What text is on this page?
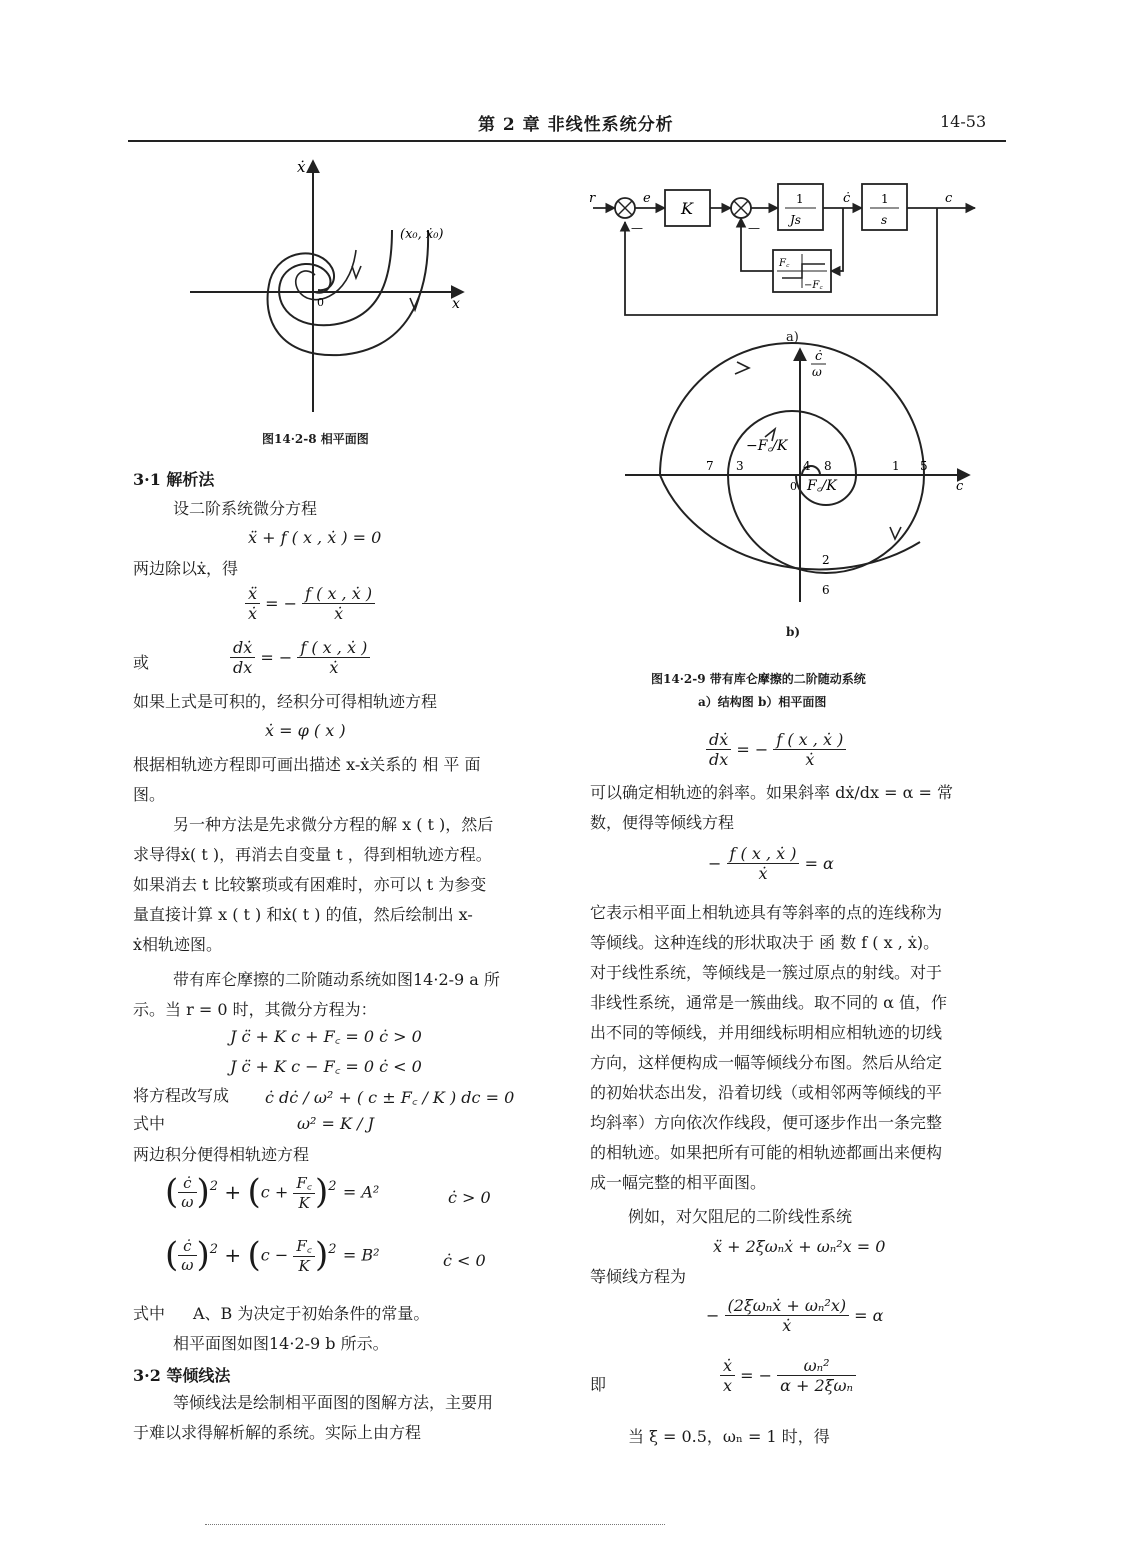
第 2 章 非线性系统分析	14-53
ẋ
x
0
(x₀, ẋ₀)
图14·2-8 相平面图
3·1 解析法
设二阶系统微分方程
ẍ + f ( x , ẋ ) = 0
两边除以ẋ，得
$\frac{\text{ẍ}}{\text{ẋ}}$ = − $\frac{\text{f ( x , ẋ )}}{\text{ẋ}}$
或	$\frac{\text{dẋ}}{dx}$ = − $\frac{\text{f ( x , ẋ )}}{\text{ẋ}}$
如果上式是可积的，经积分可得相轨迹方程
ẋ = φ ( x )
根据相轨迹方程即可画出描述 x-ẋ关系的 相 平 面
图。
另一种方法是先求微分方程的解 x ( t )，然后
求导得ẋ( t )，再消去自变量 t ，得到相轨迹方程。
如果消去 t 比较繁琐或有困难时，亦可以 t 为参变
量直接计算 x ( t ) 和ẋ( t ) 的值，然后绘制出 x-
ẋ相轨迹图。
带有库仑摩擦的二阶随动系统如图14·2-9 a 所
示。当 r = 0 时，其微分方程为：
J c̈ + K c + F꜀ = 0 ċ > 0
J c̈ + K c − F꜀ = 0 ċ < 0
将方程改写成 ċ dċ / ω² + ( c ± F꜀ / K ) dc = 0
式中	ω² = K / J
两边积分便得相轨迹方程
( $\frac{ċ}{\omega} )^2 + (c + \frac{F꜀}{K} )^2 = A^2$	ċ > 0
( $\frac{ċ}{\omega} )^2 + (c - \frac{F꜀}{K} )^2 = B^2$	ċ < 0
式中 A、B 为决定于初始条件的常量。
相平面图如图14·2-9 b 所示。
3·2 等倾线法
等倾线法是绘制相平面图的图解方法，主要用
于难以求得解析解的系统。实际上由方程
r	e
K	1
Js
1
s
ċ	c
F꜀
−F꜀
—	—
a)
ċ
ω
c
−F꜀/K
F꜀/K
0
7 3	4 8	1 5
2
6
b)
图14·2-9 带有库仑摩擦的二阶随动系统
a）结构图 b）相平面图
$\frac{\text{dẋ}}{dx}$ = − $\frac{\text{f ( x , ẋ )}}{\text{ẋ}}$
可以确定相轨迹的斜率。如果斜率 dẋ/dx = α = 常
数，便得等倾线方程
− $\frac{\text{f ( x , ẋ )}}{\text{ẋ}} = \alpha$
它表示相平面上相轨迹具有等斜率的点的连线称为
等倾线。这种连线的形状取决于 函 数 f ( x , ẋ)。
对于线性系统，等倾线是一簇过原点的射线。对于
非线性系统，通常是一簇曲线。取不同的 α 值，作
出不同的等倾线，并用细线标明相应相轨迹的切线
方向，这样便构成一幅等倾线分布图。然后从给定
的初始状态出发，沿着切线（或相邻两等倾线的平
均斜率）方向依次作线段，便可逐步作出一条完整
的相轨迹。如果把所有可能的相轨迹都画出来便构
成一幅完整的相平面图。
例如，对欠阻尼的二阶线性系统
ẍ + 2ξωₙẋ + ωₙ²x = 0
等倾线方程为
− $\frac{\text{(2ξωₙẋ + ωₙ²x)}}{\text{ẋ}} = \alpha$
即	$\frac{\text{ẋ}}{x}$ = − $\frac{\text{ωₙ²}}{\text{α + 2ξωₙ}}$
当 ξ = 0.5，ωₙ = 1 时，得
